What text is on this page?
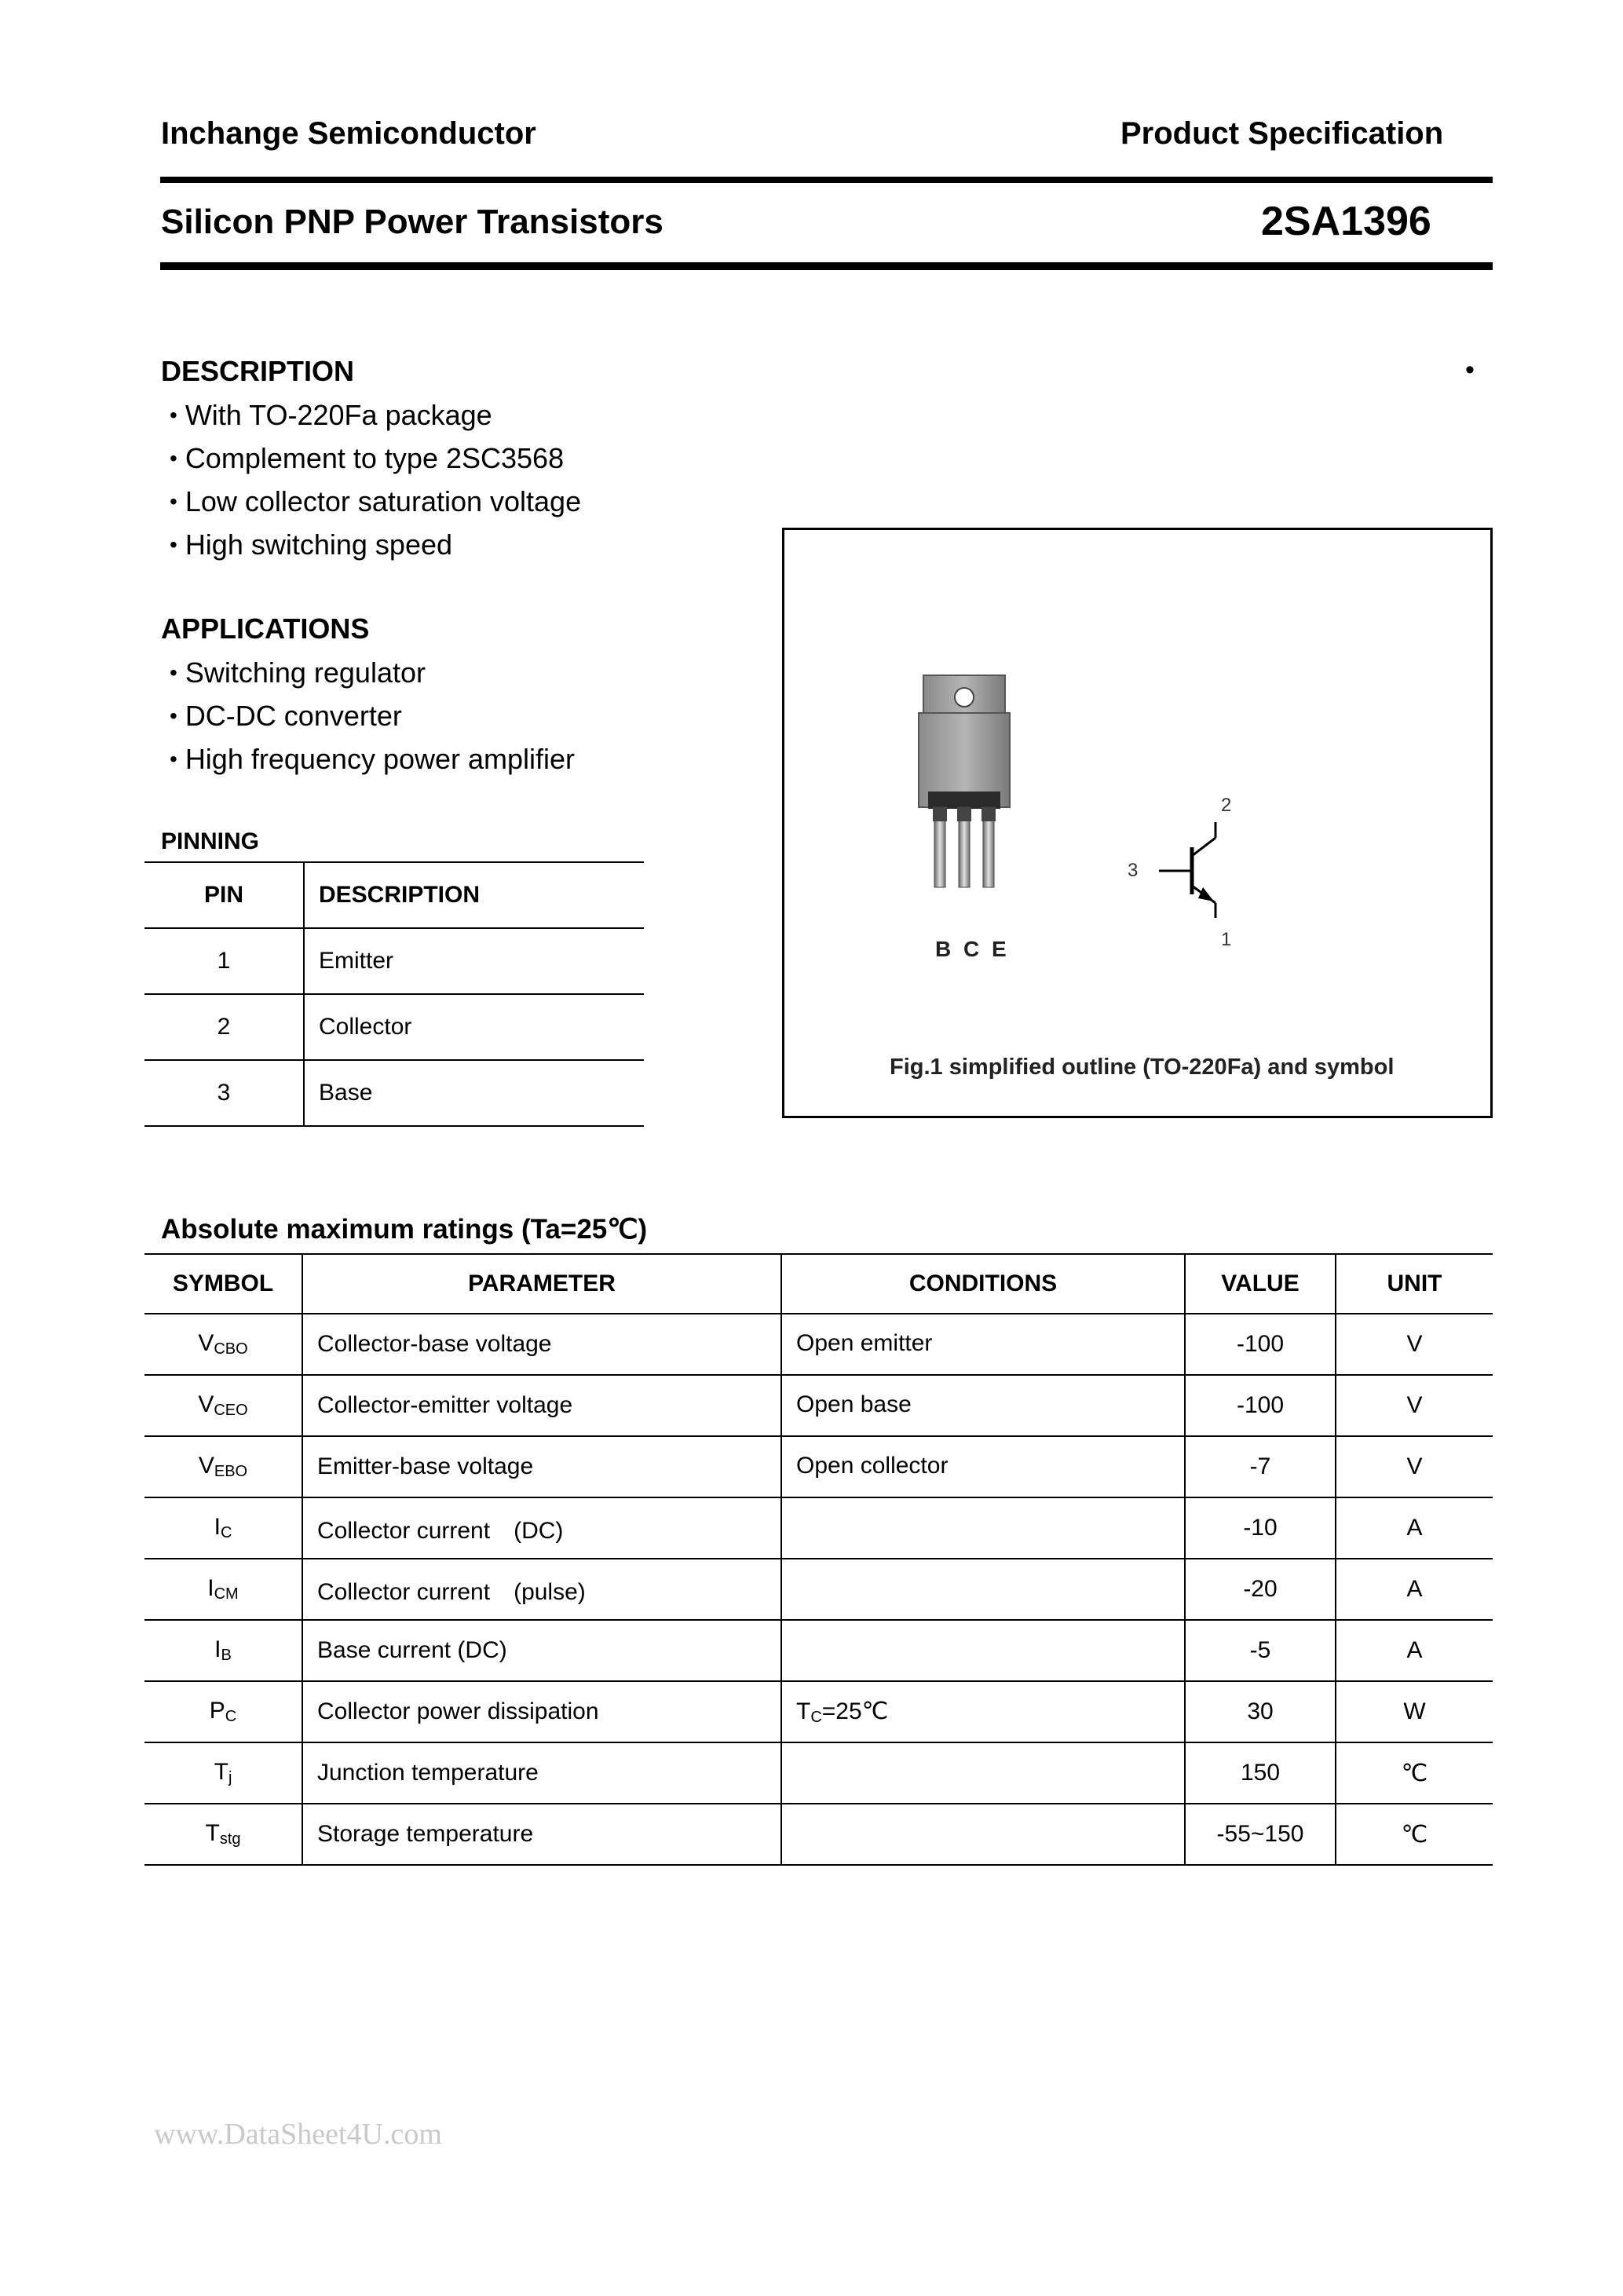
Inchange Semiconductor	Product Specification
Silicon PNP Power Transistors	2SA1396
DESCRIPTION	•
• With TO-220Fa package
• Complement to type 2SC3568
• Low collector saturation voltage
• High switching speed
APPLICATIONS
• Switching regulator
• DC-DC converter
• High frequency power amplifier
PINNING
PIN	DESCRIPTION
1	Emitter
2	Collector
3	Base
B C E
2
3
1
Fig.1 simplified outline (TO-220Fa) and symbol
Absolute maximum ratings (Ta=25℃)
SYMBOL	PARAMETER	CONDITIONS	VALUE	UNIT
$V_{CBO}$	Collector-base voltage	Open emitter	-100	V
$V_{CEO}$	Collector-emitter voltage	Open base	-100	V
$V_{EBO}$	Emitter-base voltage	Open collector	-7	V
$I_C$	Collector current　(DC)		-10	A
$I_{CM}$	Collector current　(pulse)		-20	A
$I_B$	Base current (DC)		-5	A
$P_C$	Collector power dissipation	$T_C=25℃$	30	W
$T_j$	Junction temperature		150	℃
$T_{stg}$	Storage temperature		-55~150	℃
www.DataSheet4U.com
